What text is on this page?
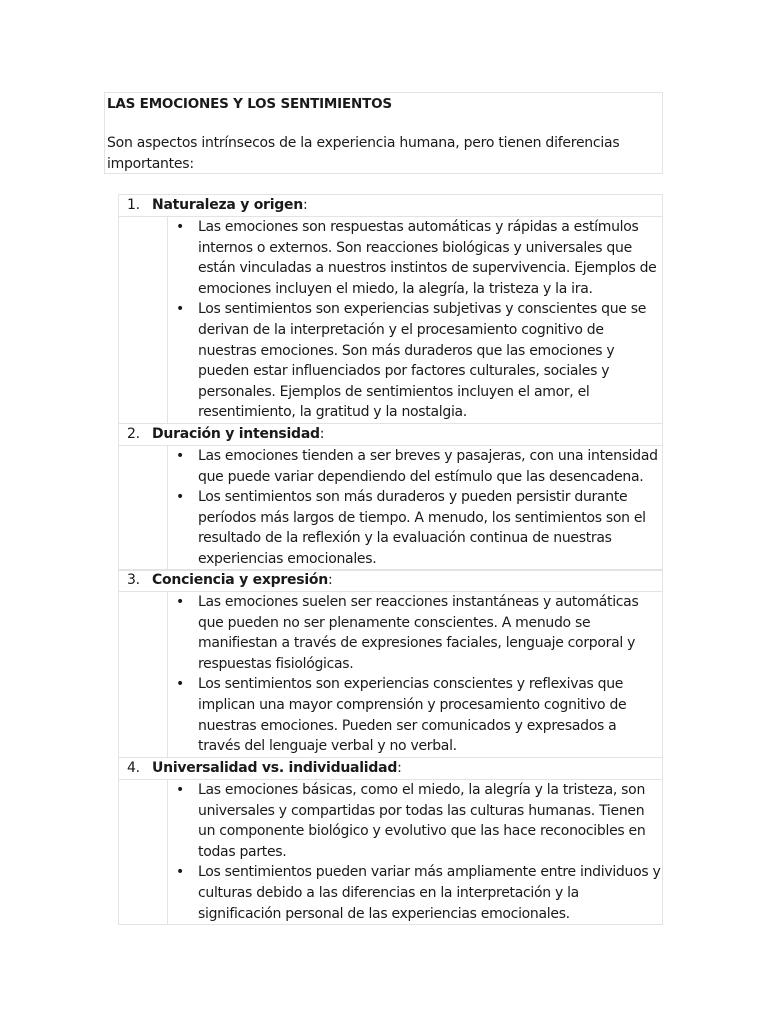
LAS EMOCIONES Y LOS SENTIMIENTOS

Son aspectos intrínsecos de la experiencia humana, pero tienen diferencias importantes:

1. Naturaleza y origen:
• Las emociones son respuestas automáticas y rápidas a estímulos internos o externos. Son reacciones biológicas y universales que están vinculadas a nuestros instintos de supervivencia. Ejemplos de emociones incluyen el miedo, la alegría, la tristeza y la ira.
• Los sentimientos son experiencias subjetivas y conscientes que se derivan de la interpretación y el procesamiento cognitivo de nuestras emociones. Son más duraderos que las emociones y pueden estar influenciados por factores culturales, sociales y personales. Ejemplos de sentimientos incluyen el amor, el resentimiento, la gratitud y la nostalgia.
2. Duración y intensidad:
• Las emociones tienden a ser breves y pasajeras, con una intensidad que puede variar dependiendo del estímulo que las desencadena.
• Los sentimientos son más duraderos y pueden persistir durante períodos más largos de tiempo. A menudo, los sentimientos son el resultado de la reflexión y la evaluación continua de nuestras experiencias emocionales.
3. Conciencia y expresión:
• Las emociones suelen ser reacciones instantáneas y automáticas que pueden no ser plenamente conscientes. A menudo se manifiestan a través de expresiones faciales, lenguaje corporal y respuestas fisiológicas.
• Los sentimientos son experiencias conscientes y reflexivas que implican una mayor comprensión y procesamiento cognitivo de nuestras emociones. Pueden ser comunicados y expresados a través del lenguaje verbal y no verbal.
4. Universalidad vs. individualidad:
• Las emociones básicas, como el miedo, la alegría y la tristeza, son universales y compartidas por todas las culturas humanas. Tienen un componente biológico y evolutivo que las hace reconocibles en todas partes.
• Los sentimientos pueden variar más ampliamente entre individuos y culturas debido a las diferencias en la interpretación y la significación personal de las experiencias emocionales.
